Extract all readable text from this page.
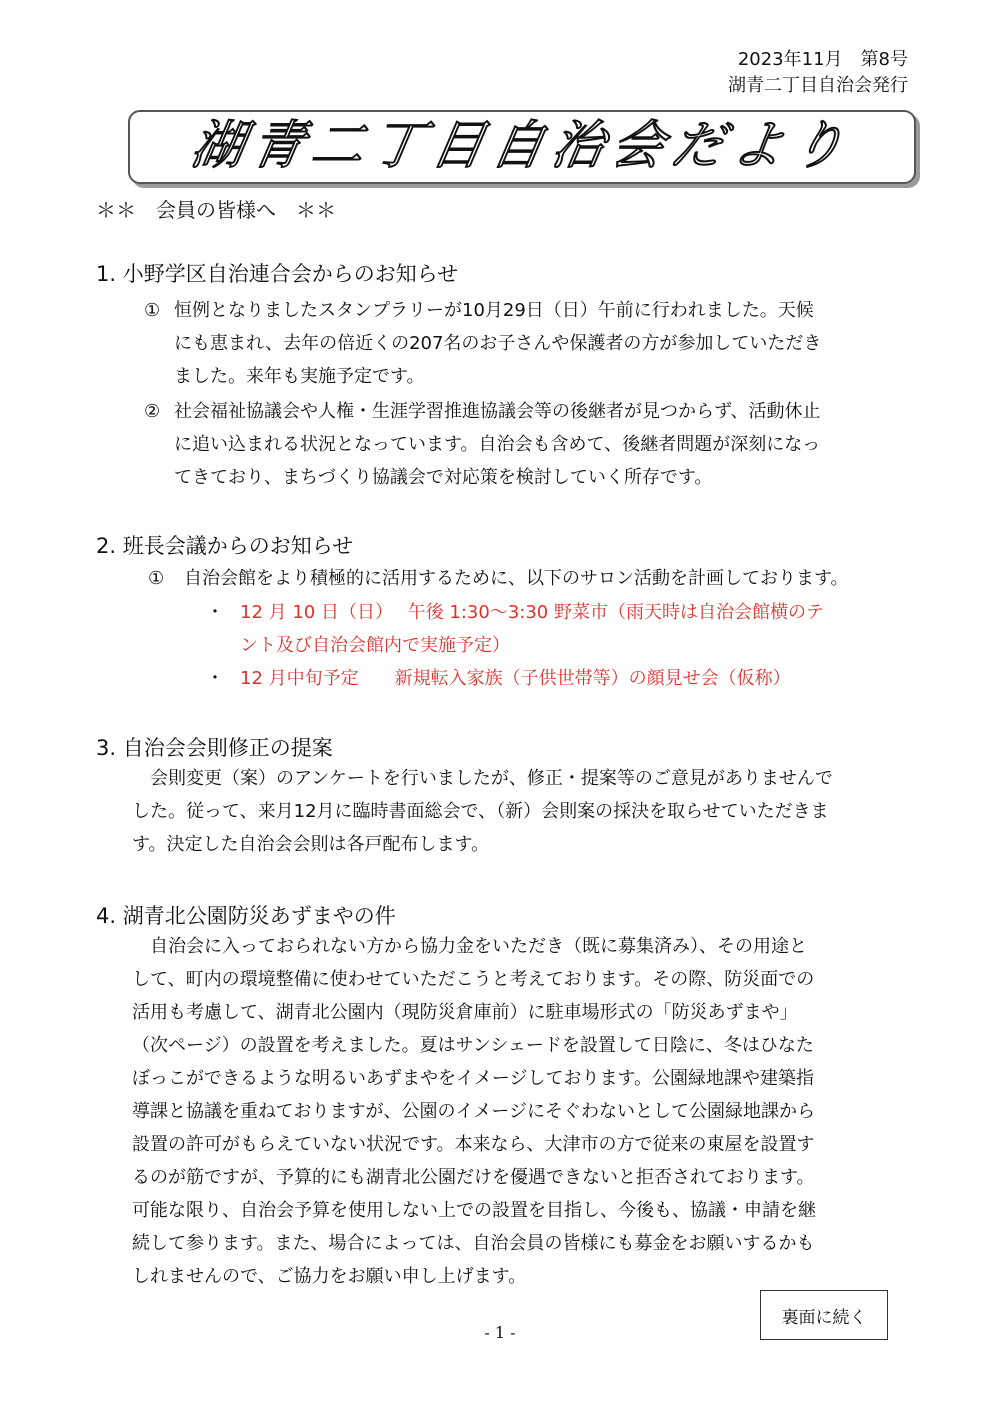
2023年11月　第8号
湖青二丁目自治会発行
湖青二丁目自治会だより
＊＊　会員の皆様へ　＊＊
1. 小野学区自治連合会からのお知らせ
① 恒例となりましたスタンプラリーが10月29日（日）午前に行われました。天候

にも恵まれ、去年の倍近くの207名のお子さんや保護者の方が参加していただき

ました。来年も実施予定です。

② 社会福祉協議会や人権・生涯学習推進協議会等の後継者が見つからず、活動休止

に追い込まれる状況となっています。自治会も含めて、後継者問題が深刻になっ

てきており、まちづくり協議会で対応策を検討していく所存です。

2. 班長会議からのお知らせ
① 自治会館をより積極的に活用するために、以下のサロン活動を計画しております。

・ 12 月 10 日（日）　 午後 1:30～3:30 野菜市（雨天時は自治会館横のテ

ント及び自治会館内で実施予定）

・ 12 月中旬予定　　新規転入家族（子供世帯等）の顔見せ会（仮称）

3. 自治会会則修正の提案

会則変更（案）のアンケートを行いましたが、修正・提案等のご意見がありませんで

した。従って、来月12月に臨時書面総会で、（新）会則案の採決を取らせていただきま

す。決定した自治会会則は各戸配布します。

4. 湖青北公園防災あずまやの件

自治会に入っておられない方から協力金をいただき（既に募集済み）、その用途と

して、町内の環境整備に使わせていただこうと考えております。その際、防災面での

活用も考慮して、湖青北公園内（現防災倉庫前）に駐車場形式の「防災あずまや」

（次ページ）の設置を考えました。夏はサンシェードを設置して日陰に、冬はひなた

ぼっこができるような明るいあずまやをイメージしております。公園緑地課や建築指

導課と協議を重ねておりますが、公園のイメージにそぐわないとして公園緑地課から

設置の許可がもらえていない状況です。本来なら、大津市の方で従来の東屋を設置す

るのが筋ですが、予算的にも湖青北公園だけを優遇できないと拒否されております。

可能な限り、自治会予算を使用しない上での設置を目指し、今後も、協議・申請を継

続して参ります。また、場合によっては、自治会員の皆様にも募金をお願いするかも

しれませんので、ご協力をお願い申し上げます。

裏面に続く
- 1 -
